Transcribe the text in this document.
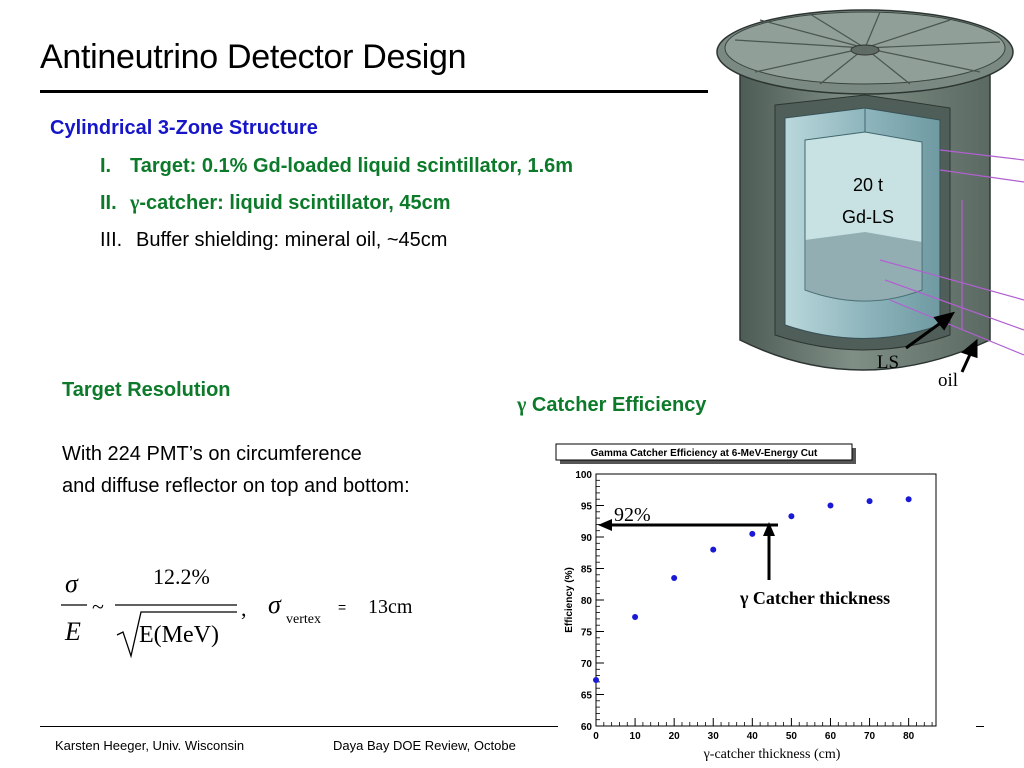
Antineutrino Detector Design
Cylindrical 3-Zone Structure
I. Target: 0.1% Gd-loaded liquid scintillator, 1.6m
II. γ-catcher: liquid scintillator, 45cm
III. Buffer shielding: mineral oil, ~45cm
20 t
Gd-LS
LS
oil
Target Resolution
With 224 PMT’s on circumference
and diffuse reflector on top and bottom:
σ
E
~
12.2%
E(MeV)
, σ
vertex
= 13cm
γ Catcher Efficiency
Gamma Catcher Efficiency at 6-MeV-Energy Cut
Efficiency (%)
γ-catcher thickness (cm)
0	10	20	30	40	50	60	70	80
60
65
70
75
80
85
90
95
100
92%
γ Catcher thickness
Karsten Heeger, Univ. Wisconsin	Daya Bay DOE Review, Octobe
